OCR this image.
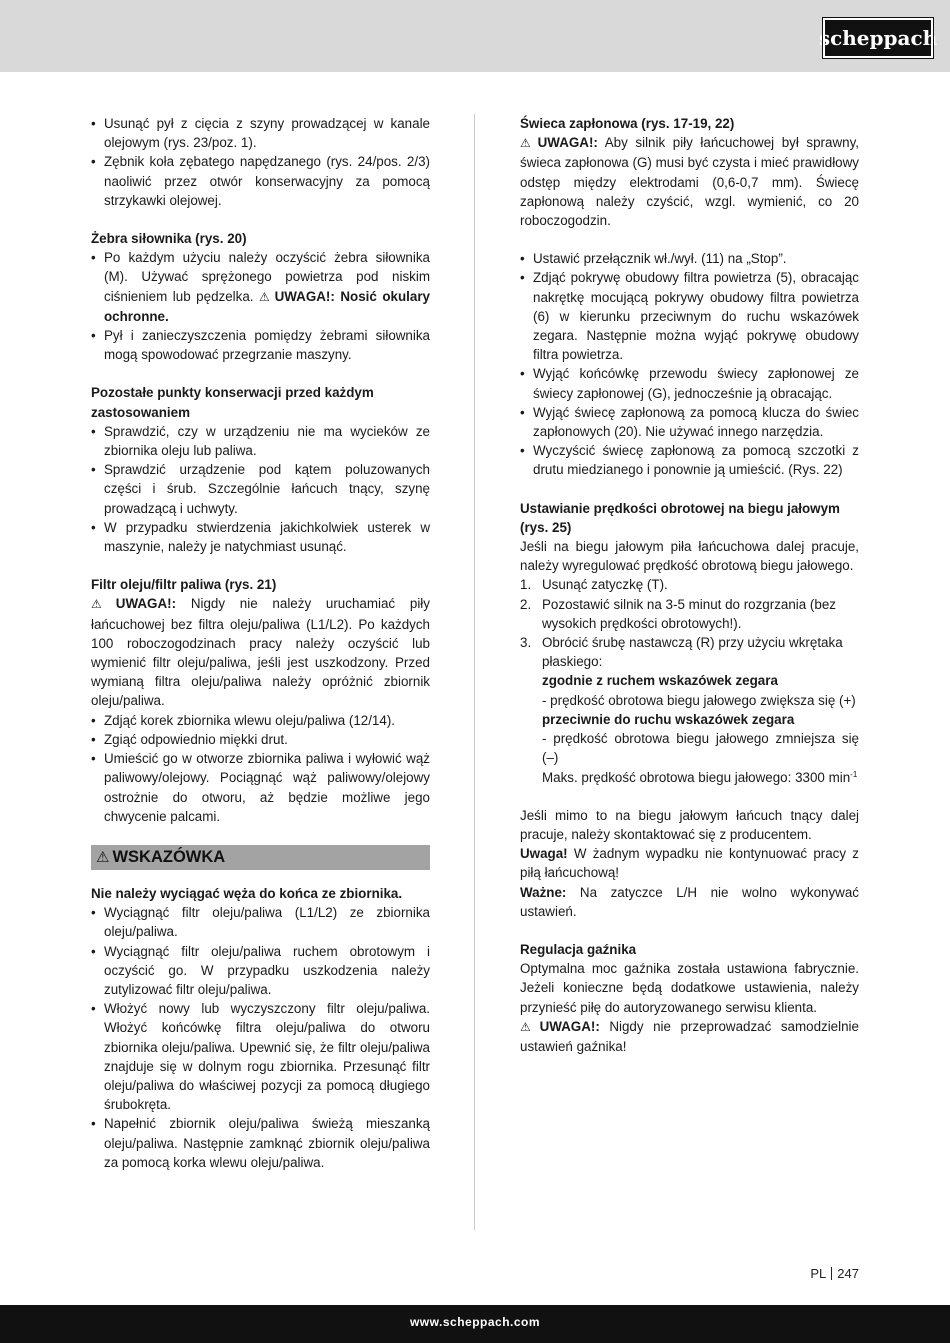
scheppach
• Usunąć pył z cięcia z szyny prowadzącej w kanale olejowym (rys. 23/poz. 1).
• Zębnik koła zębatego napędzanego (rys. 24/pos. 2/3) naoliwić przez otwór konserwacyjny za pomocą strzykawki olejowej.
Żebra siłownika (rys. 20)
• Po każdym użyciu należy oczyścić żebra siłownika (M). Używać sprężonego powietrza pod niskim ciśnieniem lub pędzelka. ⚠ UWAGA!: Nosić okulary ochronne.
• Pył i zanieczyszczenia pomiędzy żebrami siłownika mogą spowodować przegrzanie maszyny.
Pozostałe punkty konserwacji przed każdym zastosowaniem
• Sprawdzić, czy w urządzeniu nie ma wycieków ze zbiornika oleju lub paliwa.
• Sprawdzić urządzenie pod kątem poluzowanych części i śrub. Szczególnie łańcuch tnący, szynę prowadzącą i uchwyty.
• W przypadku stwierdzenia jakichkolwiek usterek w maszynie, należy je natychmiast usunąć.
Filtr oleju/filtr paliwa (rys. 21)

⚠ UWAGA!: Nigdy nie należy uruchamiać piły łańcuchowej bez filtra oleju/paliwa (L1/L2). Po każdych 100 roboczogodzinach pracy należy oczyścić lub wymienić filtr oleju/paliwa, jeśli jest uszkodzony. Przed wymianą filtra oleju/paliwa należy opróżnić zbiornik oleju/paliwa.

• Zdjąć korek zbiornika wlewu oleju/paliwa (12/14).
• Zgiąć odpowiednio miękki drut.
• Umieścić go w otworze zbiornika paliwa i wyłowić wąż paliwowy/olejowy. Pociągnąć wąż paliwowy/olejowy ostrożnie do otworu, aż będzie możliwe jego chwycenie palcami.
⚠ WSKAZÓWKA
Nie należy wyciągać węża do końca ze zbiornika.
• Wyciągnąć filtr oleju/paliwa (L1/L2) ze zbiornika oleju/paliwa.
• Wyciągnąć filtr oleju/paliwa ruchem obrotowym i oczyścić go. W przypadku uszkodzenia należy zutylizować filtr oleju/paliwa.
• Włożyć nowy lub wyczyszczony filtr oleju/paliwa. Włożyć końcówkę filtra oleju/paliwa do otworu zbiornika oleju/paliwa. Upewnić się, że filtr oleju/paliwa znajduje się w dolnym rogu zbiornika. Przesunąć filtr oleju/paliwa do właściwej pozycji za pomocą długiego śrubokręta.
• Napełnić zbiornik oleju/paliwa świeżą mieszanką oleju/paliwa. Następnie zamknąć zbiornik oleju/paliwa za pomocą korka wlewu oleju/paliwa.
Świeca zapłonowa (rys. 17-19, 22)

⚠ UWAGA!: Aby silnik piły łańcuchowej był sprawny, świeca zapłonowa (G) musi być czysta i mieć prawidłowy odstęp między elektrodami (0,6-0,7 mm). Świecę zapłonową należy czyścić, wzgl. wymienić, co 20 roboczogodzin.

• Ustawić przełącznik wł./wył. (11) na „Stop”.
• Zdjąć pokrywę obudowy filtra powietrza (5), obracając nakrętkę mocującą pokrywy obudowy filtra powietrza (6) w kierunku przeciwnym do ruchu wskazówek zegara. Następnie można wyjąć pokrywę obudowy filtra powietrza.
• Wyjąć końcówkę przewodu świecy zapłonowej ze świecy zapłonowej (G), jednocześnie ją obracając.
• Wyjąć świecę zapłonową za pomocą klucza do świec zapłonowych (20). Nie używać innego narzędzia.
• Wyczyścić świecę zapłonową za pomocą szczotki z drutu miedzianego i ponownie ją umieścić. (Rys. 22)
Ustawianie prędkości obrotowej na biegu jałowym (rys. 25)

Jeśli na biegu jałowym piła łańcuchowa dalej pracuje, należy wyregulować prędkość obrotową biegu jałowego.

1. Usunąć zatyczkę (T).
2. Pozostawić silnik na 3-5 minut do rozgrzania (bez wysokich prędkości obrotowych!).
3. Obrócić śrubę nastawczą (R) przy użyciu wkrętaka płaskiego:

zgodnie z ruchem wskazówek zegara

- prędkość obrotowa biegu jałowego zwiększa się (+)

przeciwnie do ruchu wskazówek zegara

- prędkość obrotowa biegu jałowego zmniejsza się (–)

Maks. prędkość obrotowa biegu jałowego: 3300 $\min^{-1}$

Jeśli mimo to na biegu jałowym łańcuch tnący dalej pracuje, należy skontaktować się z producentem.

Uwaga! W żadnym wypadku nie kontynuować pracy z piłą łańcuchową!

Ważne: Na zatyczce L/H nie wolno wykonywać ustawień.

Regulacja gaźnika

Optymalna moc gaźnika została ustawiona fabrycznie. Jeżeli konieczne będą dodatkowe ustawienia, należy przynieść piłę do autoryzowanego serwisu klienta.

⚠ UWAGA!: Nigdy nie przeprowadzać samodzielnie ustawień gaźnika!

PL 247
www.scheppach.com
